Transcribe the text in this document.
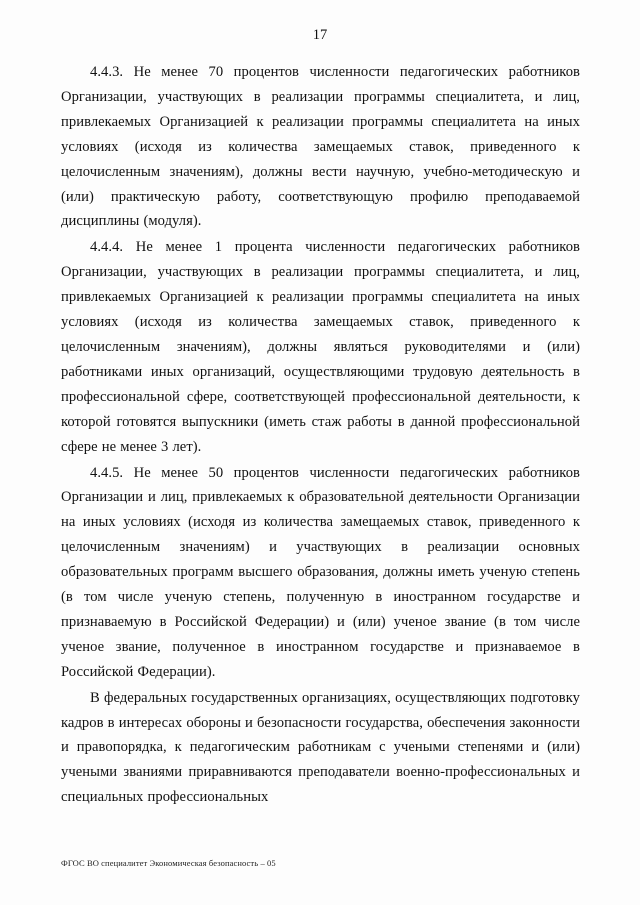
17

4.4.3. Не менее 70 процентов численности педагогических работников Организации, участвующих в реализации программы специалитета, и лиц, привлекаемых Организацией к реализации программы специалитета на иных условиях (исходя из количества замещаемых ставок, приведенного к целочисленным значениям), должны вести научную, учебно-методическую и (или) практическую работу, соответствующую профилю преподаваемой дисциплины (модуля).

4.4.4. Не менее 1 процента численности педагогических работников Организации, участвующих в реализации программы специалитета, и лиц, привлекаемых Организацией к реализации программы специалитета на иных условиях (исходя из количества замещаемых ставок, приведенного к целочисленным значениям), должны являться руководителями и (или) работниками иных организаций, осуществляющими трудовую деятельность в профессиональной сфере, соответствующей профессиональной деятельности, к которой готовятся выпускники (иметь стаж работы в данной профессиональной сфере не менее 3 лет).

4.4.5. Не менее 50 процентов численности педагогических работников Организации и лиц, привлекаемых к образовательной деятельности Организации на иных условиях (исходя из количества замещаемых ставок, приведенного к целочисленным значениям) и участвующих в реализации основных образовательных программ высшего образования, должны иметь ученую степень (в том числе ученую степень, полученную в иностранном государстве и признаваемую в Российской Федерации) и (или) ученое звание (в том числе ученое звание, полученное в иностранном государстве и признаваемое в Российской Федерации).

В федеральных государственных организациях, осуществляющих подготовку кадров в интересах обороны и безопасности государства, обеспечения законности и правопорядка, к педагогическим работникам с учеными степенями и (или) учеными званиями приравниваются преподаватели военно-профессиональных и специальных профессиональных

ФГОС ВО специалитет Экономическая безопасность – 05
